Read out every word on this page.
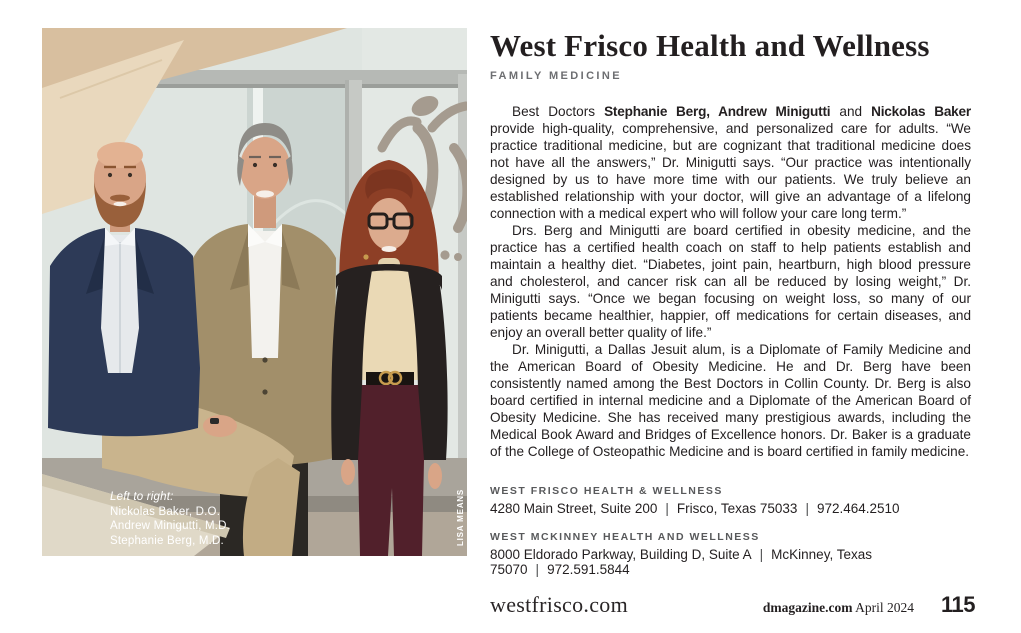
Left to right:
Nickolas Baker, D.O.
Andrew Minigutti, M.D.
Stephanie Berg, M.D.	LISA MEANS
West Frisco Health and Wellness
FAMILY MEDICINE

Best Doctors Stephanie Berg, Andrew Minigutti and Nickolas Baker provide high-quality, comprehensive, and personalized care for adults. “We practice traditional medicine, but are cognizant that traditional medicine does not have all the answers,” Dr. Minigutti says. “Our practice was intentionally designed by us to have more time with our patients. We truly believe an established relationship with your doctor, will give an advantage of a lifelong connection with a medical expert who will follow your care long term.”

Drs. Berg and Minigutti are board certified in obesity medicine, and the practice has a certified health coach on staff to help patients establish and maintain a healthy diet. “Diabetes, joint pain, heartburn, high blood pressure and cholesterol, and cancer risk can all be reduced by losing weight,” Dr. Minigutti says. “Once we began focusing on weight loss, so many of our patients became healthier, happier, off medications for certain diseases, and enjoy an overall better quality of life.”

Dr. Minigutti, a Dallas Jesuit alum, is a Diplomate of Family Medicine and the American Board of Obesity Medicine. He and Dr. Berg have been consistently named among the Best Doctors in Collin County. Dr. Berg is also board certified in internal medicine and a Diplomate of the American Board of Obesity Medicine. She has received many prestigious awards, including the Medical Book Award and Bridges of Excellence honors. Dr. Baker is a graduate of the College of Osteopathic Medicine and is board certified in family medicine.

WEST FRISCO HEALTH & WELLNESS
4280 Main Street, Suite 200 | Frisco, Texas 75033 | 972.464.2510
WEST MCKINNEY HEALTH AND WELLNESS
8000 Eldorado Parkway, Building D, Suite A | McKinney, Texas 75070 | 972.591.5844
westfrisco.com	dmagazine.com April 2024 115
